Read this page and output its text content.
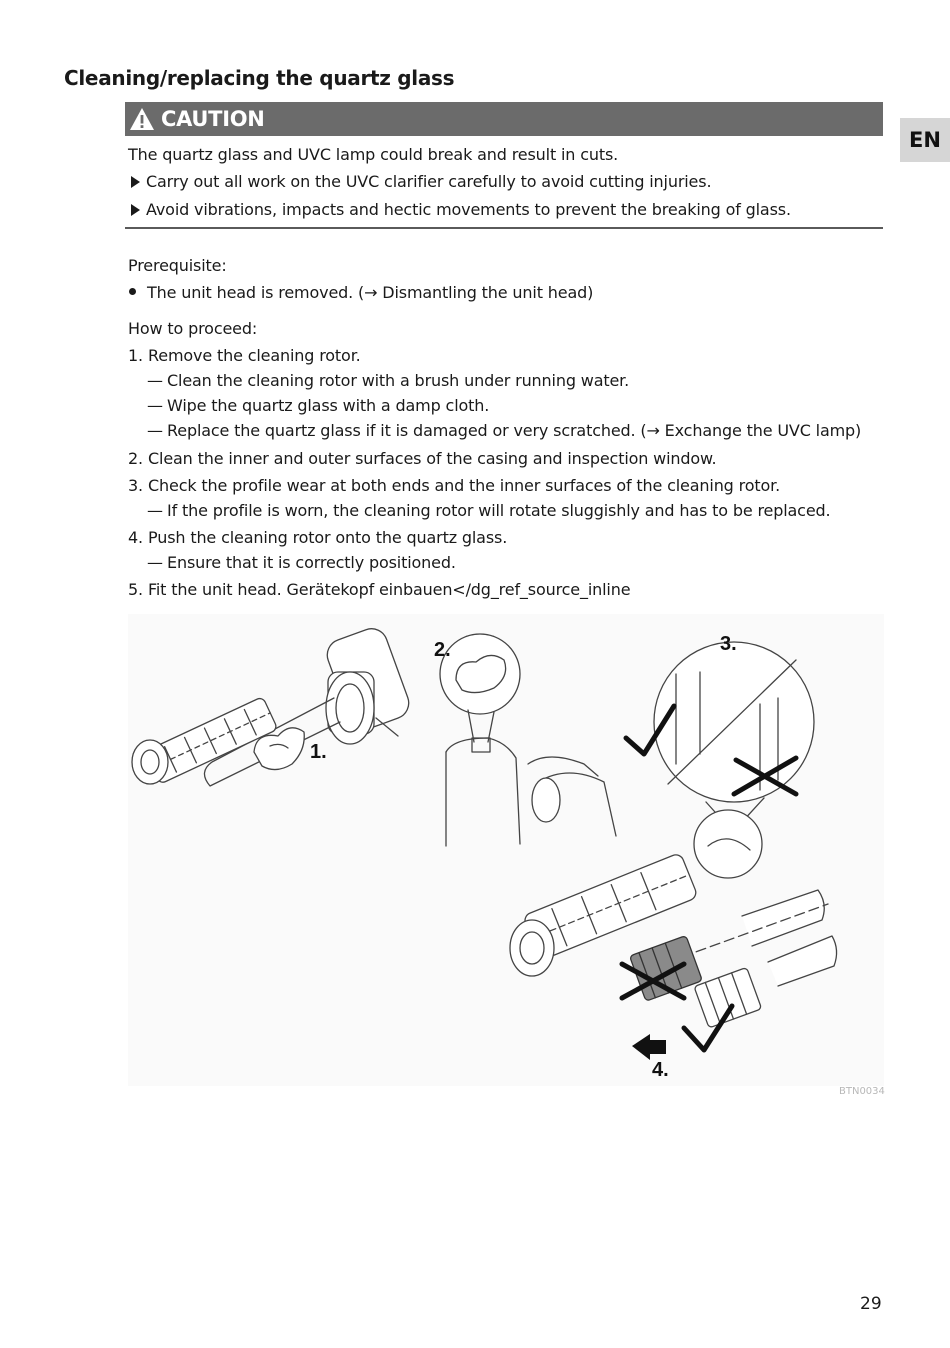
Cleaning/replacing the quartz glass
EN
CAUTION
The quartz glass and UVC lamp could break and result in cuts.
Carry out all work on the UVC clarifier carefully to avoid cutting injuries.
Avoid vibrations, impacts and hectic movements to prevent the breaking of glass.
Prerequisite:
The unit head is removed. (→ Dismantling the unit head)
How to proceed:
1. Remove the cleaning rotor.
— Clean the cleaning rotor with a brush under running water.
— Wipe the quartz glass with a damp cloth.
— Replace the quartz glass if it is damaged or very scratched. (→ Exchange the UVC lamp)
2. Clean the inner and outer surfaces of the casing and inspection window.
3. Check the profile wear at both ends and the inner surfaces of the cleaning rotor.
— If the profile is worn, the cleaning rotor will rotate sluggishly and has to be replaced.
4. Push the cleaning rotor onto the quartz glass.
— Ensure that it is correctly positioned.
5. Fit the unit head. Gerätekopf einbauen</dg_ref_source_inline
1.
2.	3.
4.
BTN0034
29
